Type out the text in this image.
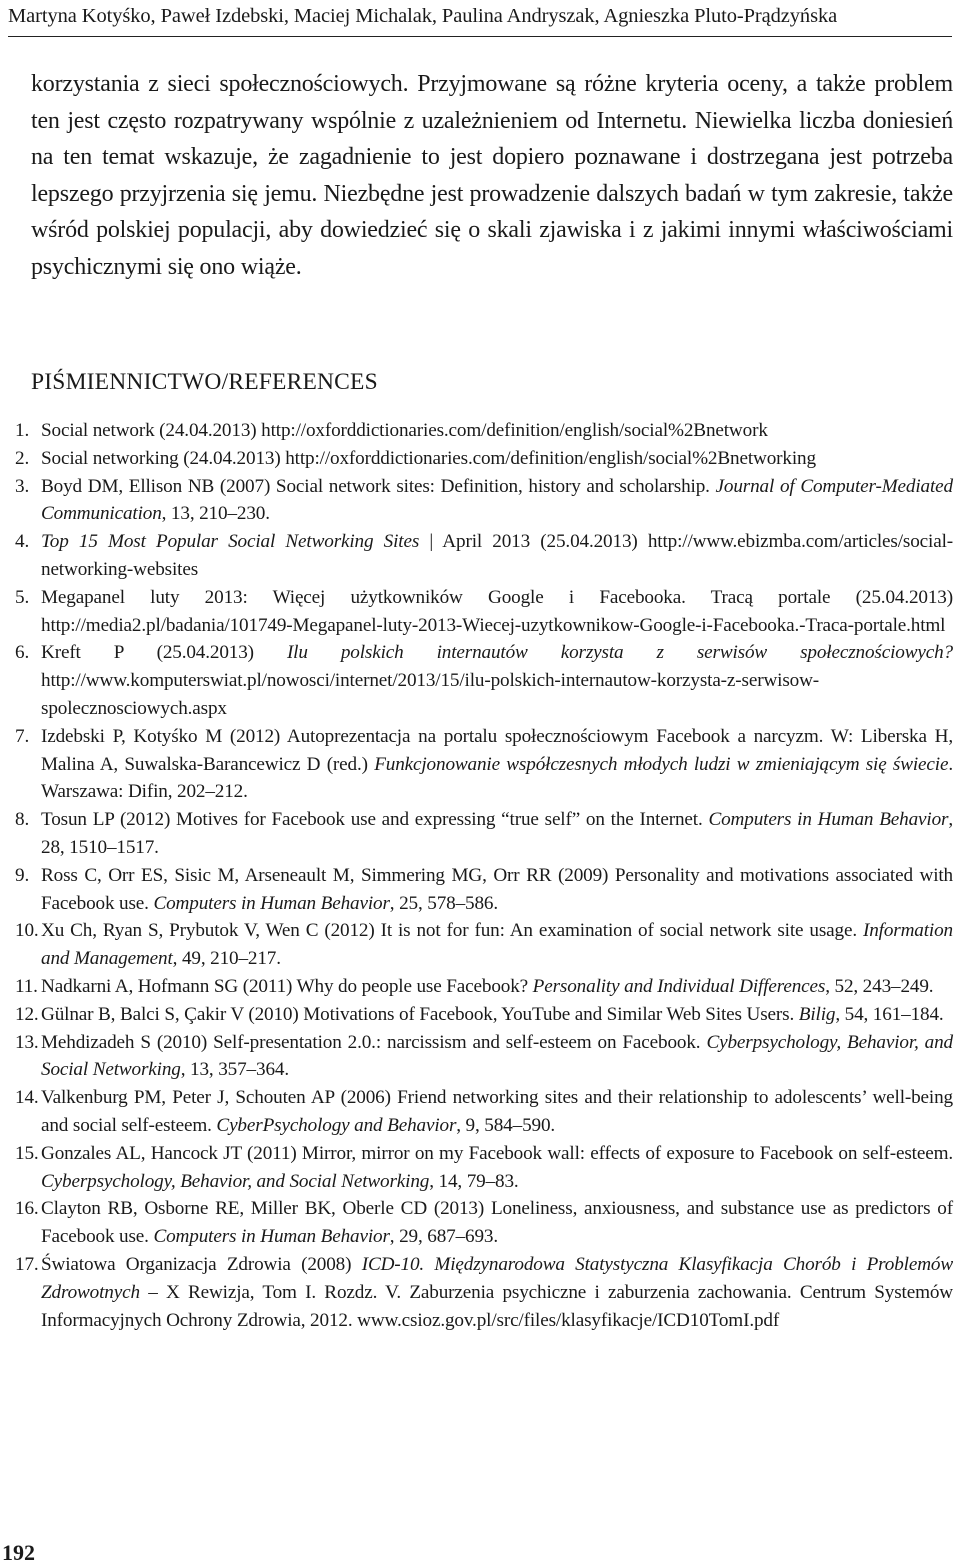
Martyna Kotyśko, Paweł Izdebski, Maciej Michalak, Paulina Andryszak, Agnieszka Pluto-Prądzyńska

korzystania z sieci społecznościowych. Przyjmowane są różne kryteria oceny, a także problem ten jest często rozpatrywany wspólnie z uzależnieniem od Internetu. Niewielka liczba doniesień na ten temat wskazuje, że zagadnienie to jest dopiero poznawane i dostrzegana jest potrzeba lepszego przyjrzenia się jemu. Niezbędne jest prowadzenie dalszych badań w tym zakresie, także wśród polskiej populacji, aby dowiedzieć się o skali zjawiska i z jakimi innymi właściwościami psychicznymi się ono wiąże.

PIŚMIENNICTWO/REFERENCES
1. Social network (24.04.2013) http://oxforddictionaries.com/definition/english/social%2Bnetwork
2. Social networking (24.04.2013) http://oxforddictionaries.com/definition/english/social%2Bnetworking
3. Boyd DM, Ellison NB (2007) Social network sites: Definition, history and scholarship. Journal of Computer-Mediated Communication, 13, 210–230.
4. Top 15 Most Popular Social Networking Sites | April 2013 (25.04.2013) http://www.ebizmba.com/articles/social-networking-websites
5. Megapanel luty 2013: Więcej użytkowników Google i Facebooka. Tracą portale (25.04.2013) http://media2.pl/badania/101749-Megapanel-luty-2013-Wiecej-uzytkownikow-Google-i-Facebooka.-Traca-portale.html
6. Kreft P (25.04.2013) Ilu polskich internautów korzysta z serwisów społecznościowych? http://www.komputerswiat.pl/nowosci/internet/2013/15/ilu-polskich-internautow-korzysta-z-serwisow-spolecznosciowych.aspx
7. Izdebski P, Kotyśko M (2012) Autoprezentacja na portalu społecznościowym Facebook a narcyzm. W: Liberska H, Malina A, Suwalska-Barancewicz D (red.) Funkcjonowanie współczesnych młodych ludzi w zmieniającym się świecie. Warszawa: Difin, 202–212.
8. Tosun LP (2012) Motives for Facebook use and expressing “true self” on the Internet. Computers in Human Behavior, 28, 1510–1517.
9. Ross C, Orr ES, Sisic M, Arseneault M, Simmering MG, Orr RR (2009) Personality and motivations associated with Facebook use. Computers in Human Behavior, 25, 578–586.
10. Xu Ch, Ryan S, Prybutok V, Wen C (2012) It is not for fun: An examination of social network site usage. Information and Management, 49, 210–217.
11. Nadkarni A, Hofmann SG (2011) Why do people use Facebook? Personality and Individual Differences, 52, 243–249.
12. Gülnar B, Balci S, Çakir V (2010) Motivations of Facebook, YouTube and Similar Web Sites Users. Bilig, 54, 161–184.
13. Mehdizadeh S (2010) Self-presentation 2.0.: narcissism and self-esteem on Facebook. Cyberpsychology, Behavior, and Social Networking, 13, 357–364.
14. Valkenburg PM, Peter J, Schouten AP (2006) Friend networking sites and their relationship to adolescents’ well-being and social self-esteem. CyberPsychology and Behavior, 9, 584–590.
15. Gonzales AL, Hancock JT (2011) Mirror, mirror on my Facebook wall: effects of exposure to Facebook on self-esteem. Cyberpsychology, Behavior, and Social Networking, 14, 79–83.
16. Clayton RB, Osborne RE, Miller BK, Oberle CD (2013) Loneliness, anxiousness, and substance use as predictors of Facebook use. Computers in Human Behavior, 29, 687–693.
17. Światowa Organizacja Zdrowia (2008) ICD-10. Międzynarodowa Statystyczna Klasyfikacja Chorób i Problemów Zdrowotnych – X Rewizja, Tom I. Rozdz. V. Zaburzenia psychiczne i zaburzenia zachowania. Centrum Systemów Informacyjnych Ochrony Zdrowia, 2012. www.csioz.gov.pl/src/files/klasyfikacje/ICD10TomI.pdf
192
